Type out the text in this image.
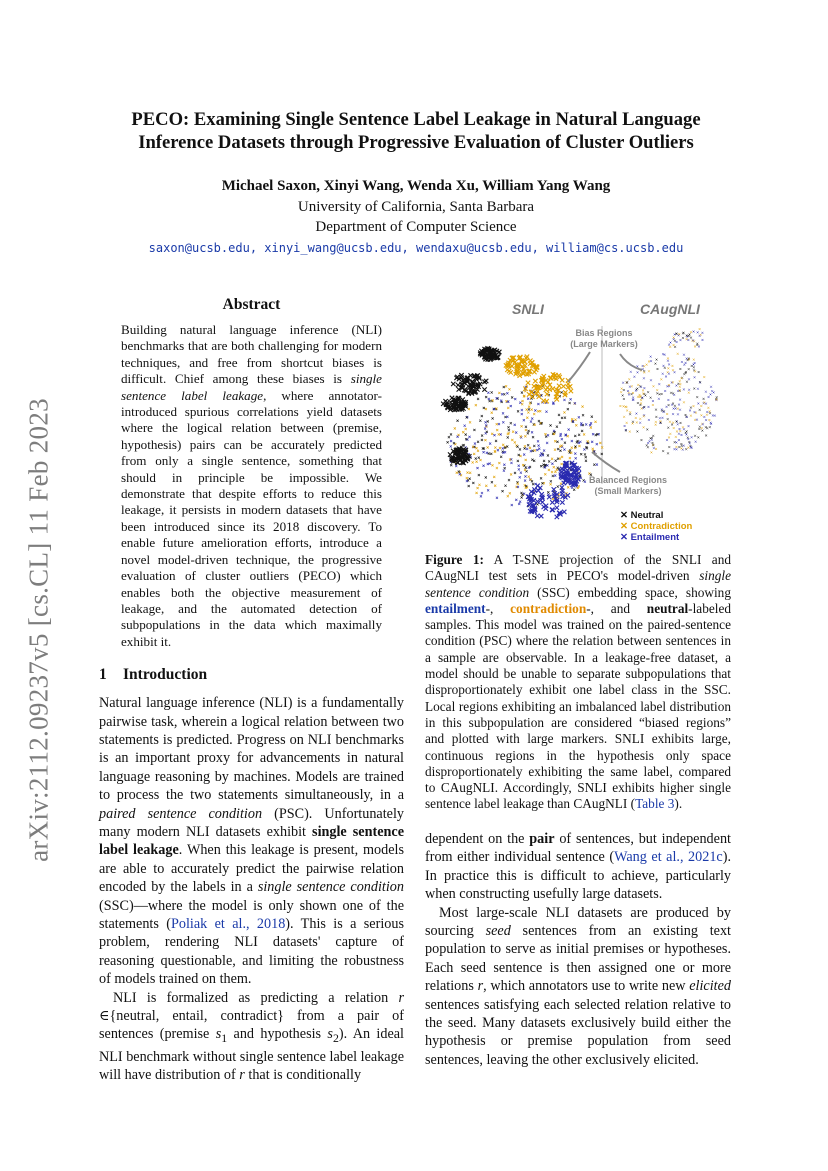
arXiv:2112.09237v5 [cs.CL] 11 Feb 2023
PECO: Examining Single Sentence Label Leakage in Natural Language
Inference Datasets through Progressive Evaluation of Cluster Outliers
Michael Saxon, Xinyi Wang, Wenda Xu, William Yang Wang
University of California, Santa Barbara
Department of Computer Science
saxon@ucsb.edu, xinyi_wang@ucsb.edu, wendaxu@ucsb.edu, william@cs.ucsb.edu
Abstract

Building natural language inference (NLI) benchmarks that are both challenging for modern techniques, and free from shortcut biases is difficult. Chief among these biases is single sentence label leakage, where annotator-introduced spurious correlations yield datasets where the logical relation between (premise, hypothesis) pairs can be accurately predicted from only a single sentence, something that should in principle be impossible. We demonstrate that despite efforts to reduce this leakage, it persists in modern datasets that have been introduced since its 2018 discovery. To enable future amelioration efforts, introduce a novel model-driven technique, the progressive evaluation of cluster outliers (PECO) which enables both the objective measurement of leakage, and the automated detection of subpopulations in the data which maximally exhibit it.

1 Introduction

Natural language inference (NLI) is a fundamentally pairwise task, wherein a logical relation between two statements is predicted. Progress on NLI benchmarks is an important proxy for advancements in natural language reasoning by machines. Models are trained to process the two statements simultaneously, in a paired sentence condition (PSC). Unfortunately many modern NLI datasets exhibit single sentence label leakage. When this leakage is present, models are able to accurately predict the pairwise relation encoded by the labels in a single sentence condition (SSC)—where the model is only shown one of the statements (Poliak et al., 2018). This is a serious problem, rendering NLI datasets' capture of reasoning questionable, and limiting the robustness of models trained on them.

NLI is formalized as predicting a relation r ∈{neutral, entail, contradict} from a pair of sentences (premise $s_1$ and hypothesis $s_2$). An ideal NLI benchmark without single sentence label leakage will have distribution of r that is conditionally

SNLI	CAugNLI
Bias Regions
(Large Markers)
Balanced Regions
(Small Markers)
✕ Neutral
✕ Contradiction
✕ Entailment

Figure 1: A T-SNE projection of the SNLI and CAugNLI test sets in PECO's model-driven single sentence condition (SSC) embedding space, showing entailment-, contradiction-, and neutral-labeled samples. This model was trained on the paired-sentence condition (PSC) where the relation between sentences in a sample are observable. In a leakage-free dataset, a model should be unable to separate subpopulations that disproportionately exhibit one label class in the SSC. Local regions exhibiting an imbalanced label distribution in this subpopulation are considered “biased regions” and plotted with large markers. SNLI exhibits large, continuous regions in the hypothesis only space disproportionately exhibiting the same label, compared to CAugNLI. Accordingly, SNLI exhibits higher single sentence label leakage than CAugNLI (Table 3).

dependent on the pair of sentences, but independent from either individual sentence (Wang et al., 2021c). In practice this is difficult to achieve, particularly when constructing usefully large datasets.

Most large-scale NLI datasets are produced by sourcing seed sentences from an existing text population to serve as initial premises or hypotheses. Each seed sentence is then assigned one or more relations r, which annotators use to write new elicited sentences satisfying each selected relation relative to the seed. Many datasets exclusively build either the hypothesis or premise population from seed sentences, leaving the other exclusively elicited.
